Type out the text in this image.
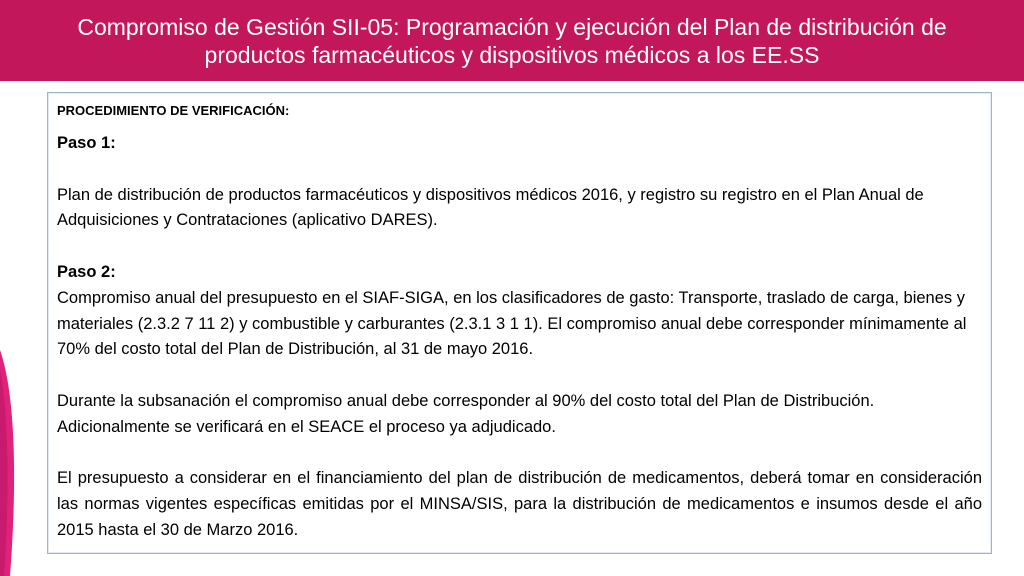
Compromiso de Gestión SII-05: Programación y ejecución del Plan de distribución de
productos farmacéuticos y dispositivos médicos a los EE.SS
PROCEDIMIENTO DE VERIFICACIÓN:

Paso 1:

Plan de distribución de productos farmacéuticos y dispositivos médicos 2016, y registro su registro en el Plan Anual de Adquisiciones y Contrataciones (aplicativo DARES).

Paso 2:

Compromiso anual del presupuesto en el SIAF-SIGA, en los clasificadores de gasto: Transporte, traslado de carga, bienes y materiales (2.3.2 7 11 2) y combustible y carburantes (2.3.1 3 1 1). El compromiso anual debe corresponder mínimamente al 70% del costo total del Plan de Distribución, al 31 de mayo 2016.

Durante la subsanación el compromiso anual debe corresponder al 90% del costo total del Plan de Distribución. Adicionalmente se verificará en el SEACE el proceso ya adjudicado.

El presupuesto a considerar en el financiamiento del plan de distribución de medicamentos, deberá tomar en consideración las normas vigentes específicas emitidas por el MINSA/SIS, para la distribución de medicamentos e insumos desde el año 2015 hasta el 30 de Marzo 2016.
